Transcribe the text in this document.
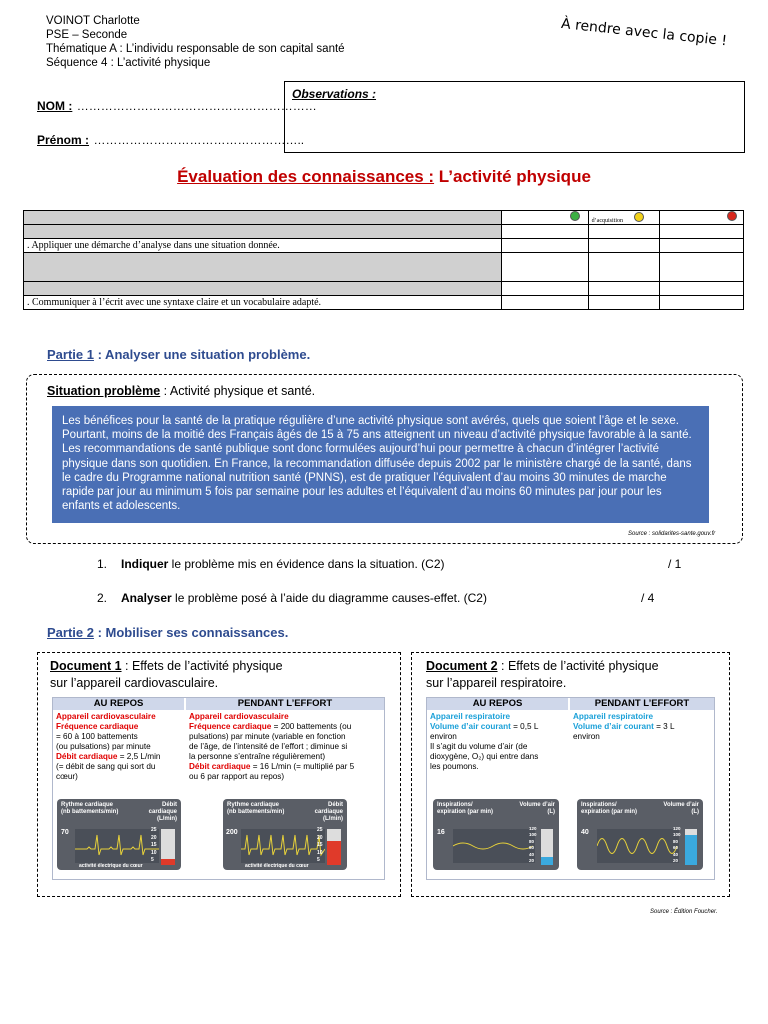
VOINOT Charlotte
PSE – Seconde
Thématique A : L’individu responsable de son capital santé
Séquence 4 : L’activité physique
À rendre avec la copie !
NOM : ……………………………………………………
Prénom : ……………………………………………..
Observations :
Évaluation des connaissances : L’activité physique
		d’acquisition	

. Appliquer une démarche d’analyse dans une situation donnée.			

. Communiquer à l’écrit avec une syntaxe claire et un vocabulaire adapté.			
Partie 1 : Analyser une situation problème.
Situation problème : Activité physique et santé.
Les bénéfices pour la santé de la pratique régulière d’une activité physique sont avérés, quels que soient l’âge et le sexe. Pourtant, moins de la moitié des Français âgés de 15 à 75 ans atteignent un niveau d’activité physique favorable à la santé. Les recommandations de santé publique sont donc formulées aujourd’hui pour permettre à chacun d’intégrer l’activité physique dans son quotidien. En France, la recommandation diffusée depuis 2002 par le ministère chargé de la santé, dans le cadre du Programme national nutrition santé (PNNS), est de pratiquer l’équivalent d’au moins 30 minutes de marche rapide par jour au minimum 5 fois par semaine pour les adultes et l’équivalent d’au moins 60 minutes par jour pour les enfants et adolescents.
Source : solidarites-sante.gouv.fr
1. Indiquer le problème mis en évidence dans la situation. (C2)	/ 1
2. Analyser le problème posé à l’aide du diagramme causes-effet. (C2)	/ 4
Partie 2 : Mobiliser ses connaissances.
Document 1 : Effets de l’activité physique
sur l’appareil cardiovasculaire.
AU REPOS
Appareil cardiovasculaire
Fréquence cardiaque
= 60 à 100 battements
(ou pulsations) par minute
Débit cardiaque = 2,5 L/min
(= débit de sang qui sort du
cœur)
PENDANT L’EFFORT
Appareil cardiovasculaire
Fréquence cardiaque = 200 battements (ou
pulsations) par minute (variable en fonction
de l’âge, de l’intensité de l’effort ; diminue si
la personne s’entraîne régulièrement)
Débit cardiaque = 16 L/min (= multiplié par 5
ou 6 par rapport au repos)
Rythme cardiaque (nb battements/min)
Débit cardiaque (L/min)
70
activité électrique du cœur
25
20
15
10
5
Rythme cardiaque (nb battements/min)
Débit cardiaque (L/min)
200
activité électrique du cœur
25
20
15
10
5
Document 2 : Effets de l’activité physique
sur l’appareil respiratoire.
AU REPOS
Appareil respiratoire
Volume d’air courant = 0,5 L
environ
Il s’agit du volume d’air (de
dioxygène, O₂) qui entre dans
les poumons.
PENDANT L’EFFORT
Appareil respiratoire
Volume d’air courant = 3 L
environ
Inspirations/ expiration (par min)
Volume d’air (L)
16
120
100
80
60
40
20
Inspirations/ expiration (par min)
Volume d’air (L)
40
120
100
80
60
40
20
Source : Édition Foucher.
